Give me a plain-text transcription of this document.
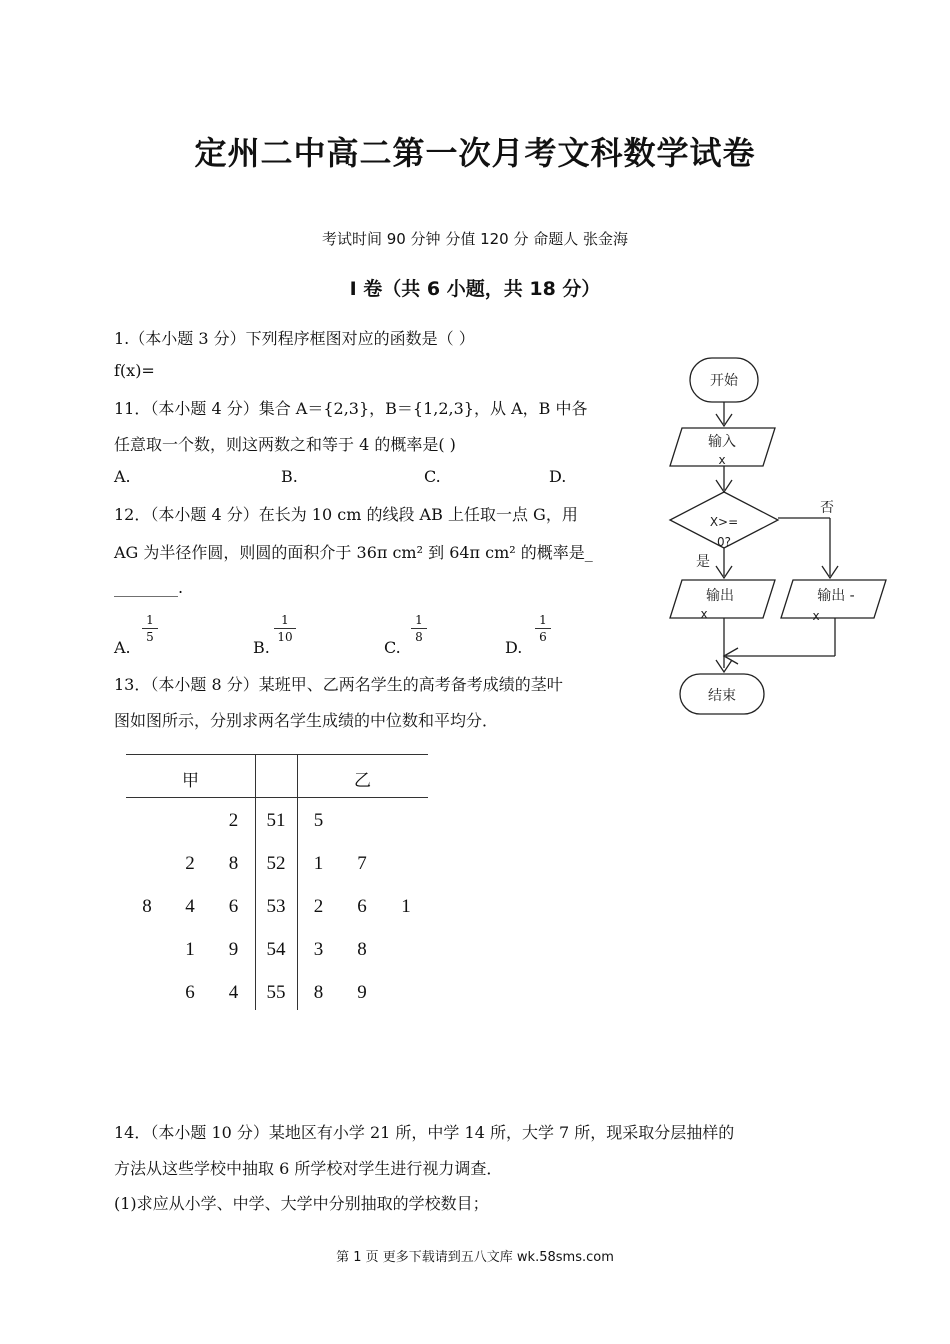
定州二中高二第一次月考文科数学试卷
考试时间 90 分钟 分值 120 分 命题人 张金海
Ⅰ 卷（共 6 小题，共 18 分）
1.（本小题 3 分）下列程序框图对应的函数是（ ）
f(x)=
11．（本小题 4 分）集合 A＝{2,3}，B＝{1,2,3}，从 A，B 中各
任意取一个数，则这两数之和等于 4 的概率是( )
A.	B.	C.	D.
12．（本小题 4 分）在长为 10 cm 的线段 AB 上任取一点 G，用
AG 为半径作圆，则圆的面积介于 36π cm² 到 64π cm² 的概率是_
________.
A.
$\frac{1}{5}$
B.
$\frac{1}{10}$
C.
$\frac{1}{8}$
D.
$\frac{1}{6}$
13．（本小题 8 分）某班甲、乙两名学生的高考备考成绩的茎叶
图如图所示，分别求两名学生成绩的中位数和平均分．
甲	乙
		2	51	5		
	2	8	52	1	7	
8	4	6	53	2	6	1
	1	9	54	3	8	
	6	4	55	8	9	
14．（本小题 10 分）某地区有小学 21 所，中学 14 所，大学 7 所，现采取分层抽样的
方法从这些学校中抽取 6 所学校对学生进行视力调查．
(1)求应从小学、中学、大学中分别抽取的学校数目；
开始
输入
x
X>=
0?
否
是
输出
x
输出 -
x
结束
第 1 页 更多下载请到五八文库 wk.58sms.com
